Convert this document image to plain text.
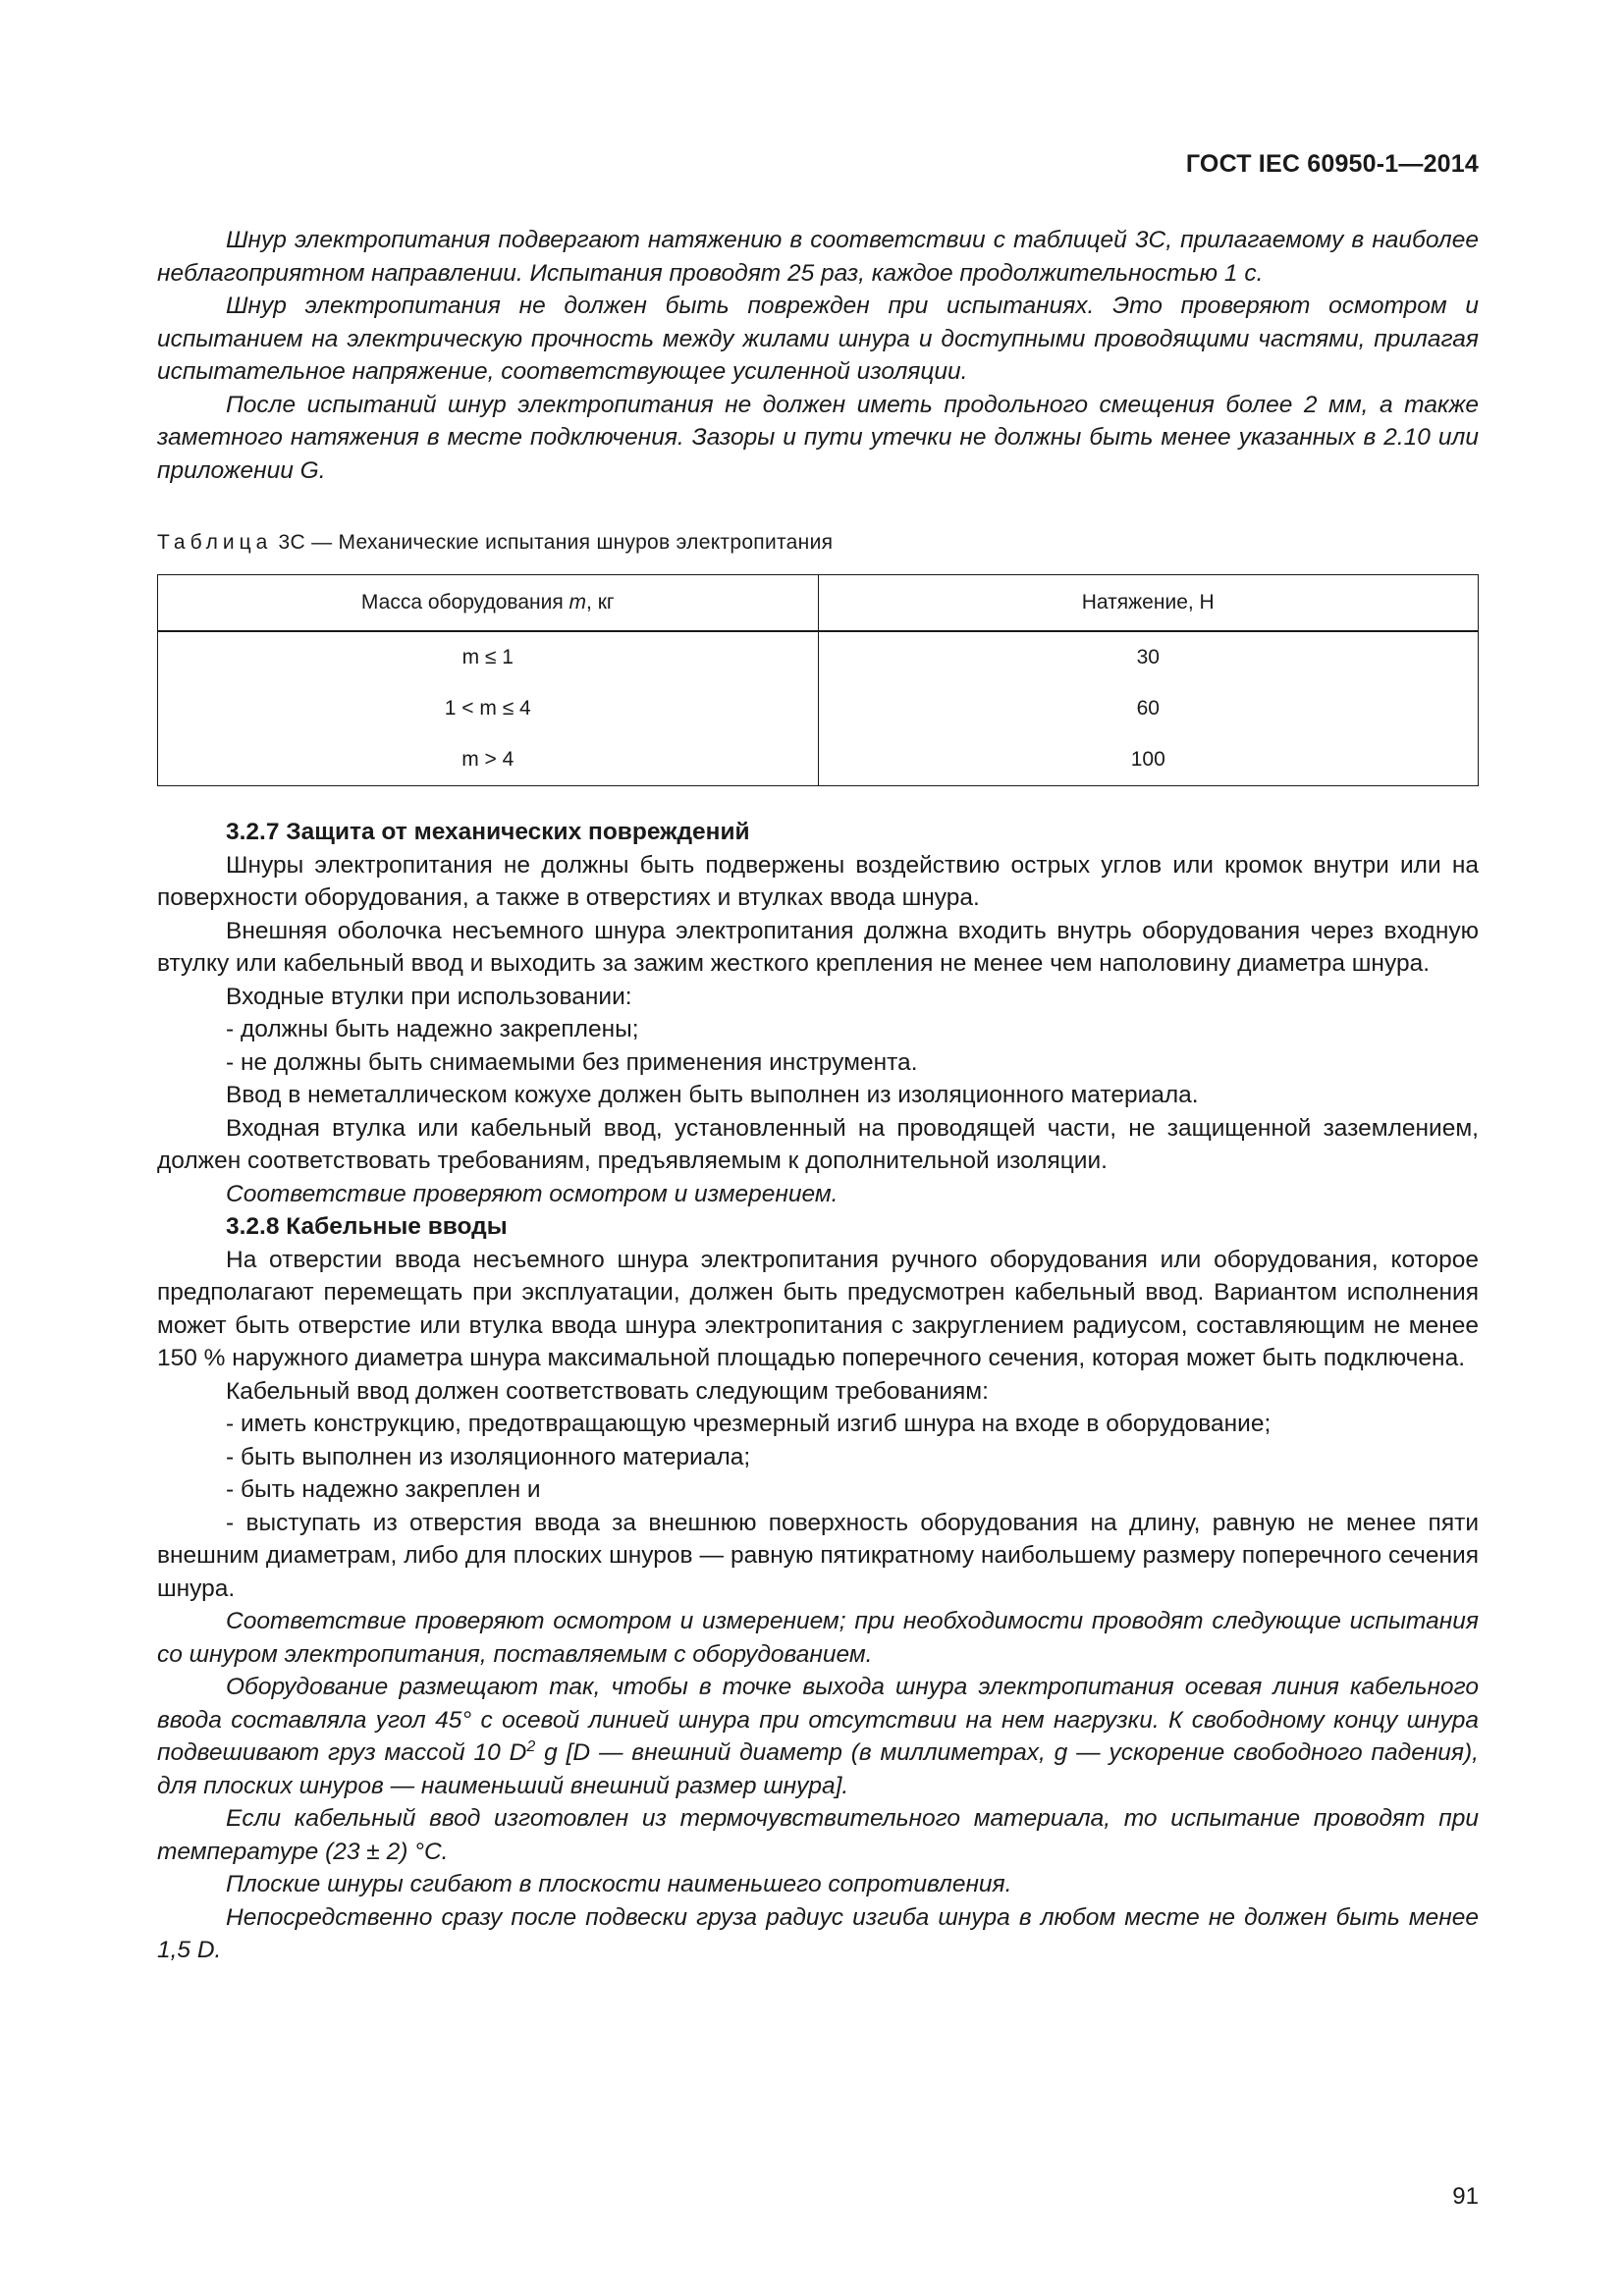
ГОСТ IEC 60950-1—2014

Шнур электропитания подвергают натяжению в соответствии с таблицей 3С, прилагаемому в наиболее неблагоприятном направлении. Испытания проводят 25 раз, каждое продолжительностью 1 с.

Шнур электропитания не должен быть поврежден при испытаниях. Это проверяют осмотром и испытанием на электрическую прочность между жилами шнура и доступными проводящими частями, прилагая испытательное напряжение, соответствующее усиленной изоляции.

После испытаний шнур электропитания не должен иметь продольного смещения более 2 мм, а также заметного натяжения в месте подключения. Зазоры и пути утечки не должны быть менее указанных в 2.10 или приложении G.

Таблица 3С — Механические испытания шнуров электропитания
Масса оборудования m, кг	Натяжение, Н
m ≤ 1	30
1 < m ≤ 4	60
m > 4	100

3.2.7 Защита от механических повреждений

Шнуры электропитания не должны быть подвержены воздействию острых углов или кромок внутри или на поверхности оборудования, а также в отверстиях и втулках ввода шнура.

Внешняя оболочка несъемного шнура электропитания должна входить внутрь оборудования через входную втулку или кабельный ввод и выходить за зажим жесткого крепления не менее чем наполовину диаметра шнура.

Входные втулки при использовании:

- должны быть надежно закреплены;

- не должны быть снимаемыми без применения инструмента.

Ввод в неметаллическом кожухе должен быть выполнен из изоляционного материала.

Входная втулка или кабельный ввод, установленный на проводящей части, не защищенной заземлением, должен соответствовать требованиям, предъявляемым к дополнительной изоляции.

Соответствие проверяют осмотром и измерением.

3.2.8 Кабельные вводы

На отверстии ввода несъемного шнура электропитания ручного оборудования или оборудования, которое предполагают перемещать при эксплуатации, должен быть предусмотрен кабельный ввод. Вариантом исполнения может быть отверстие или втулка ввода шнура электропитания с закруглением радиусом, составляющим не менее 150 % наружного диаметра шнура максимальной площадью поперечного сечения, которая может быть подключена.

Кабельный ввод должен соответствовать следующим требованиям:

- иметь конструкцию, предотвращающую чрезмерный изгиб шнура на входе в оборудование;

- быть выполнен из изоляционного материала;

- быть надежно закреплен и

- выступать из отверстия ввода за внешнюю поверхность оборудования на длину, равную не менее пяти внешним диаметрам, либо для плоских шнуров — равную пятикратному наибольшему размеру поперечного сечения шнура.

Соответствие проверяют осмотром и измерением; при необходимости проводят следующие испытания со шнуром электропитания, поставляемым с оборудованием.

Оборудование размещают так, чтобы в точке выхода шнура электропитания осевая линия кабельного ввода составляла угол 45° с осевой линией шнура при отсутствии на нем нагрузки. К свободному концу шнура подвешивают груз массой 10 $D^2$ g [D — внешний диаметр (в миллиметрах, g — ускорение свободного падения), для плоских шнуров — наименьший внешний размер шнура].

Если кабельный ввод изготовлен из термочувствительного материала, то испытание проводят при температуре (23 ± 2) °С.

Плоские шнуры сгибают в плоскости наименьшего сопротивления.

Непосредственно сразу после подвески груза радиус изгиба шнура в любом месте не должен быть менее 1,5 D.

91
